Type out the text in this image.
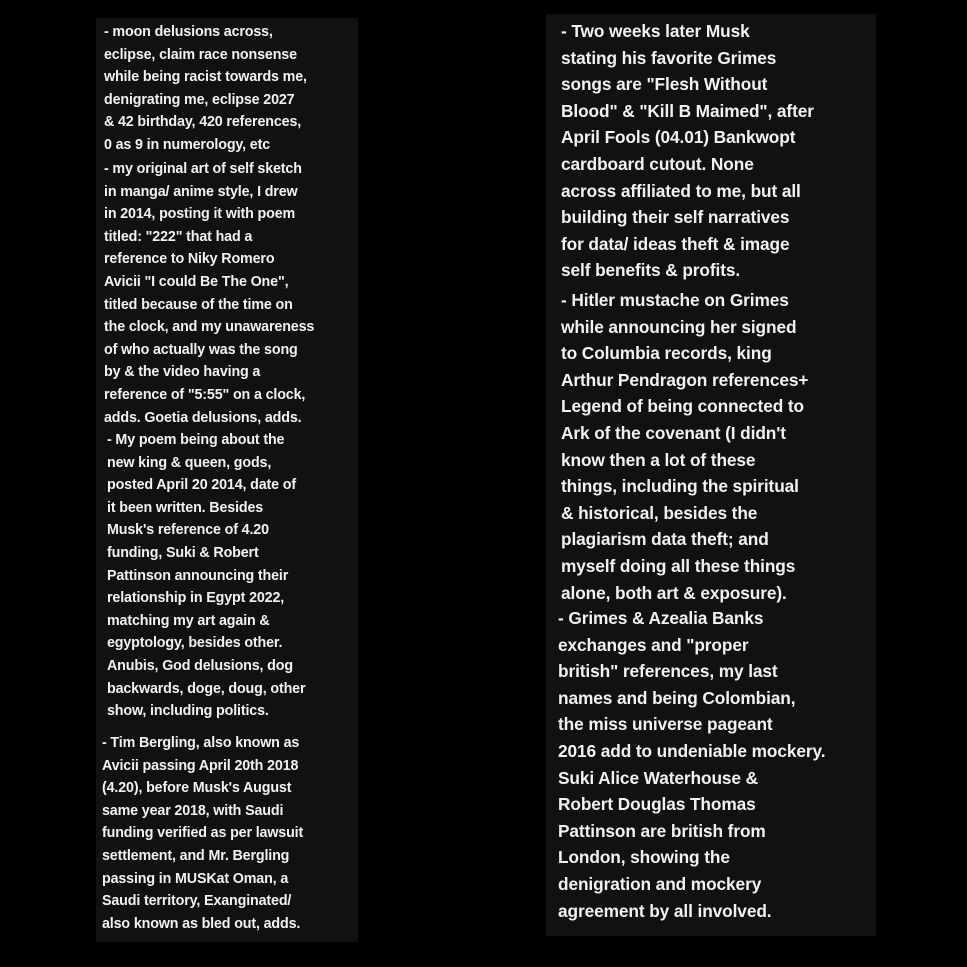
- moon delusions across,
eclipse, claim race nonsense
while being racist towards me,
denigrating me, eclipse 2027
& 42 birthday, 420 references,
0 as 9 in numerology, etc

- my original art of self sketch
in manga/ anime style, I drew
in 2014, posting it with poem
titled: "222" that had a
reference to Niky Romero
Avicii "I could Be The One",
titled because of the time on
the clock, and my unawareness
of who actually was the song
by & the video having a
reference of "5:55" on a clock,
adds. Goetia delusions, adds.

- My poem being about the
new king & queen, gods,
posted April 20 2014, date of
it been written. Besides
Musk's reference of 4.20
funding, Suki & Robert
Pattinson announcing their
relationship in Egypt 2022,
matching my art again &
egyptology, besides other.
Anubis, God delusions, dog
backwards, doge, doug, other
show, including politics.

- Tim Bergling, also known as
Avicii passing April 20th 2018
(4.20), before Musk's August
same year 2018, with Saudi
funding verified as per lawsuit
settlement, and Mr. Bergling
passing in MUSKat Oman, a
Saudi territory, Exanginated/
also known as bled out, adds.

- Two weeks later Musk
stating his favorite Grimes
songs are "Flesh Without
Blood" & "Kill B Maimed", after
April Fools (04.01) Bankwopt
cardboard cutout. None
across affiliated to me, but all
building their self narratives
for data/ ideas theft & image
self benefits & profits.

- Hitler mustache on Grimes
while announcing her signed
to Columbia records, king
Arthur Pendragon references+
Legend of being connected to
Ark of the covenant (I didn't
know then a lot of these
things, including the spiritual
& historical, besides the
plagiarism data theft; and
myself doing all these things
alone, both art & exposure).

- Grimes & Azealia Banks
exchanges and "proper
british" references, my last
names and being Colombian,
the miss universe pageant
2016 add to undeniable mockery.
Suki Alice Waterhouse &
Robert Douglas Thomas
Pattinson are british from
London, showing the
denigration and mockery
agreement by all involved.
